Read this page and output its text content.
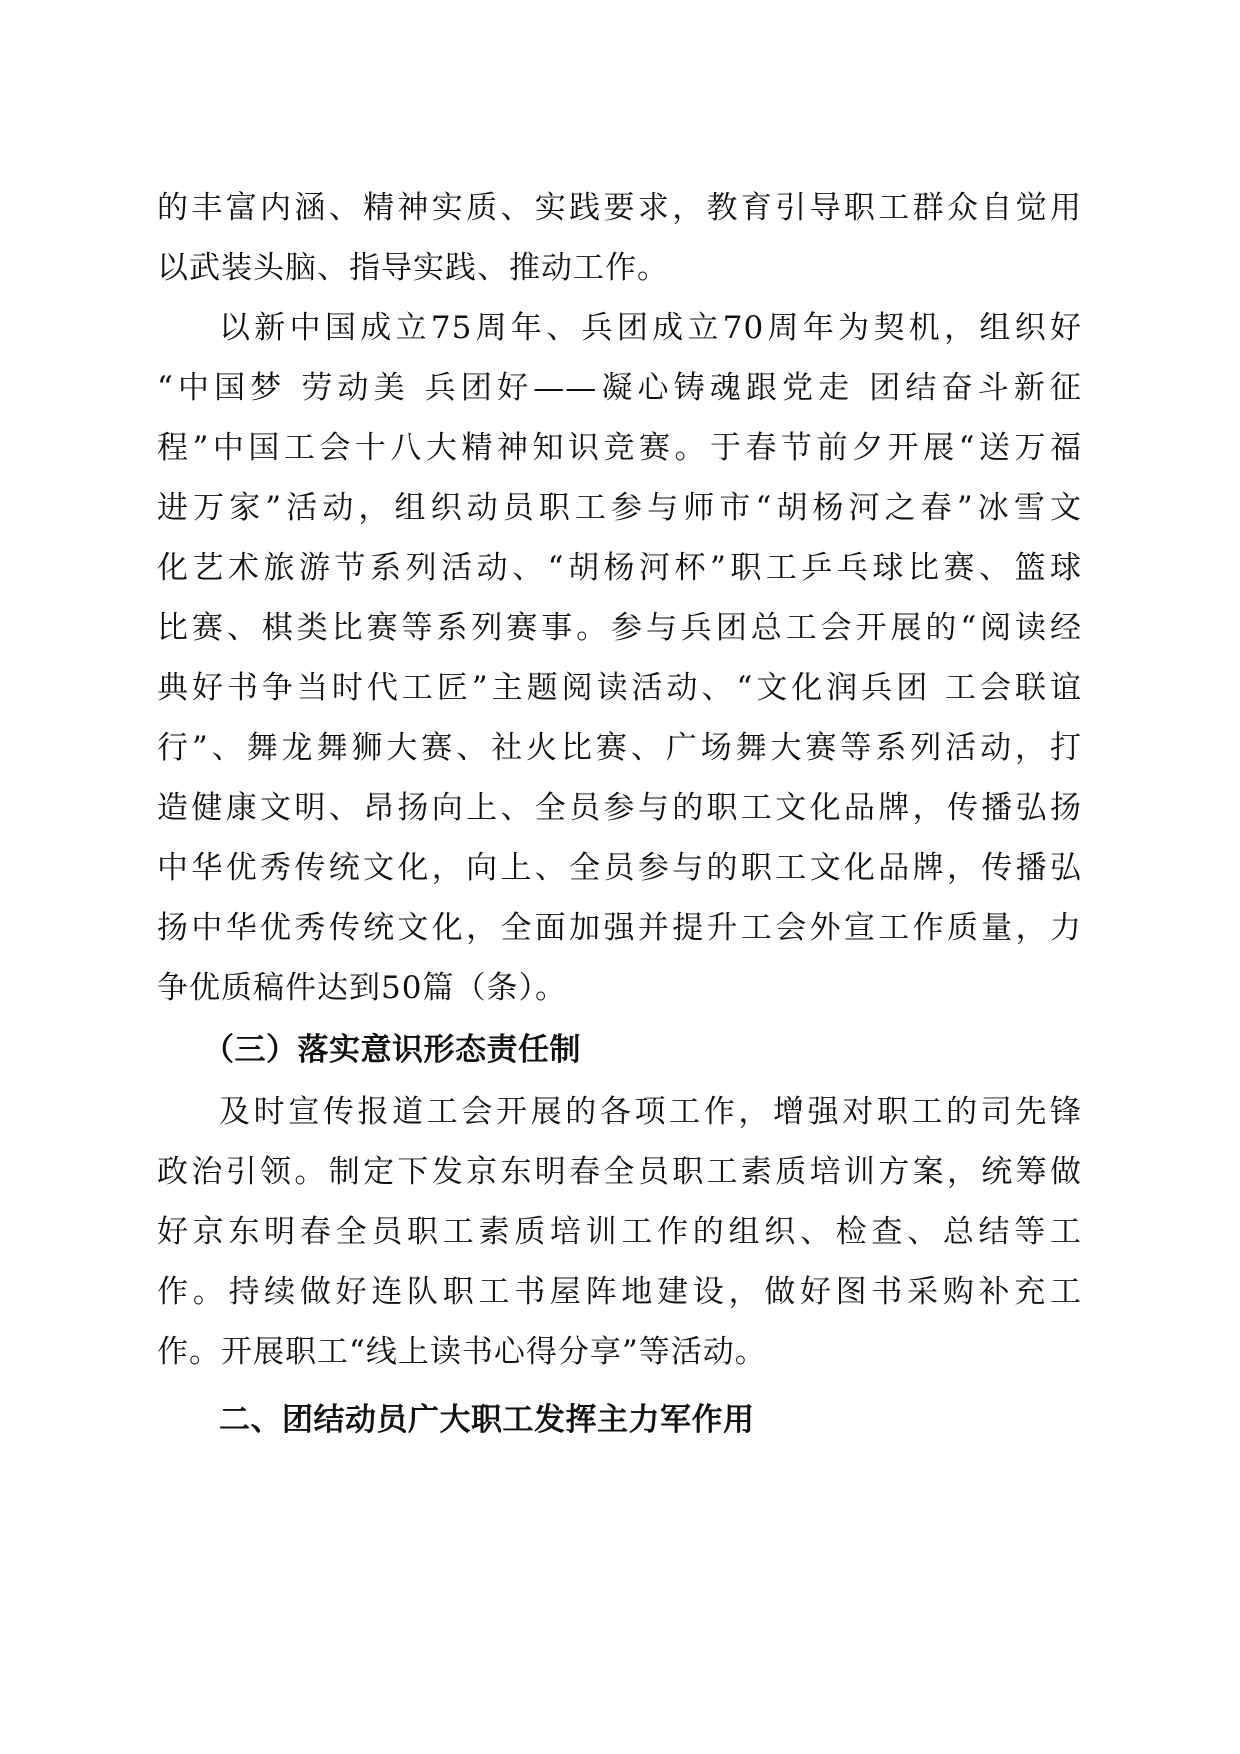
的丰富内涵、精神实质、实践要求，教育引导职工群众自觉用
以武装头脑、指导实践、推动工作。
以新中国成立75周年、兵团成立70周年为契机，组织好
“中国梦 劳动美 兵团好——凝心铸魂跟党走 团结奋斗新征
程”中国工会十八大精神知识竞赛。于春节前夕开展“送万福
进万家”活动，组织动员职工参与师市“胡杨河之春”冰雪文
化艺术旅游节系列活动、“胡杨河杯”职工乒乓球比赛、篮球
比赛、棋类比赛等系列赛事。参与兵团总工会开展的“阅读经
典好书争当时代工匠”主题阅读活动、“文化润兵团 工会联谊
行”、舞龙舞狮大赛、社火比赛、广场舞大赛等系列活动，打
造健康文明、昂扬向上、全员参与的职工文化品牌，传播弘扬
中华优秀传统文化，向上、全员参与的职工文化品牌，传播弘
扬中华优秀传统文化，全面加强并提升工会外宣工作质量，力
争优质稿件达到50篇（条）。
（三）落实意识形态责任制
及时宣传报道工会开展的各项工作，增强对职工的司先锋
政治引领。制定下发京东明春全员职工素质培训方案，统筹做
好京东明春全员职工素质培训工作的组织、检查、总结等工
作。持续做好连队职工书屋阵地建设，做好图书采购补充工
作。开展职工“线上读书心得分享”等活动。
二、团结动员广大职工发挥主力军作用
